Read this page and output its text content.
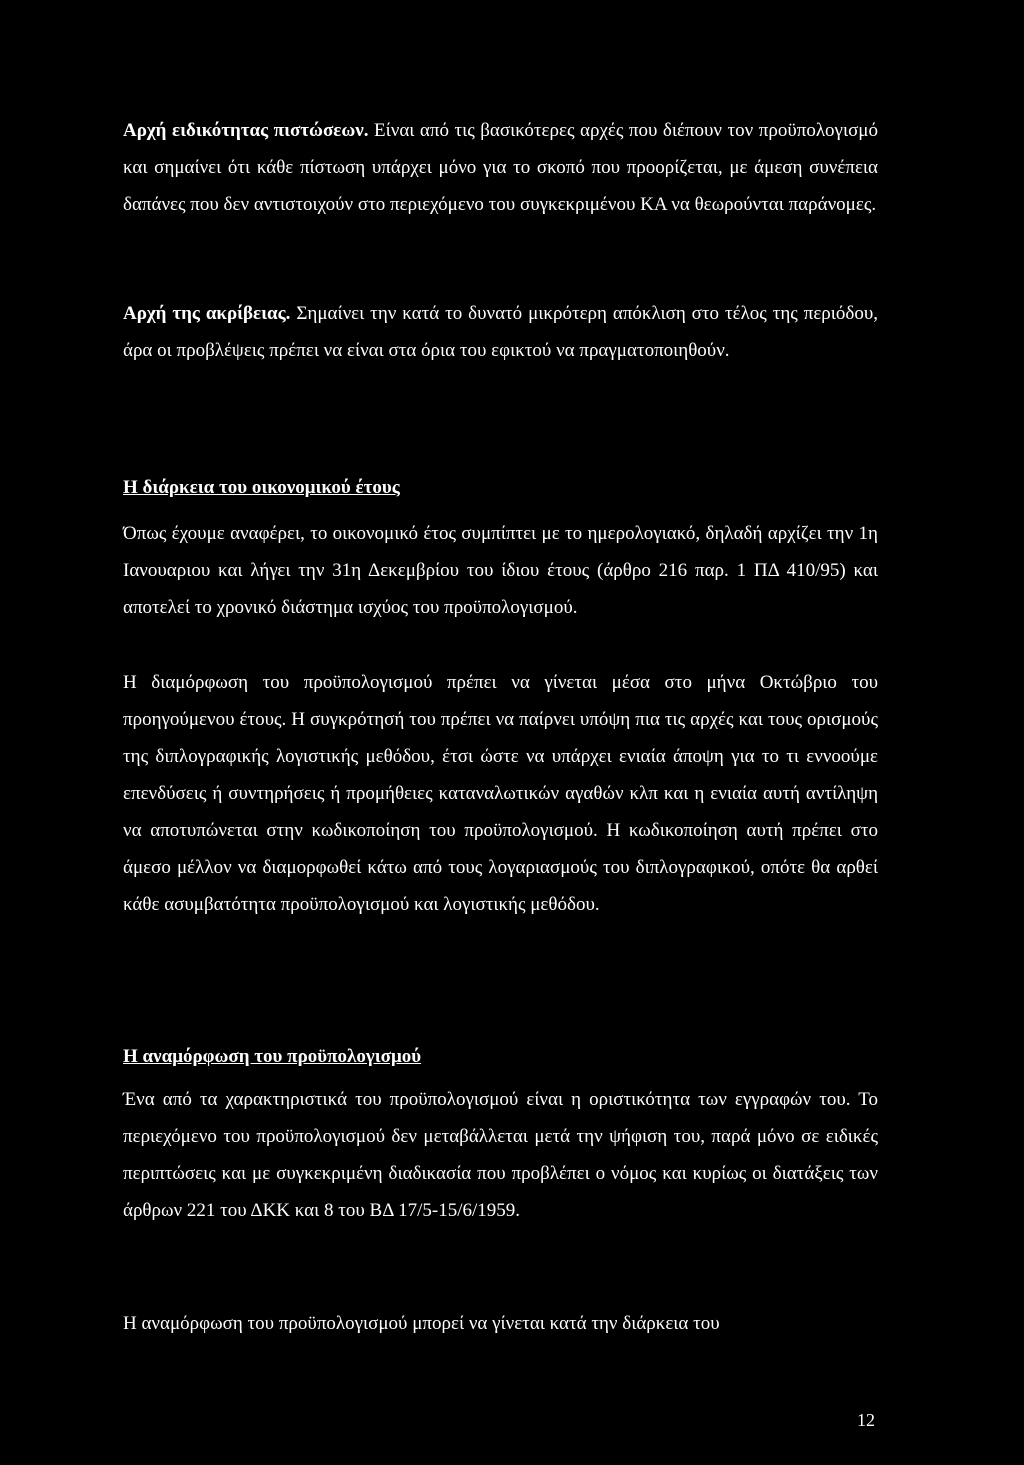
Αρχή ειδικότητας πιστώσεων. Είναι από τις βασικότερες αρχές που διέπουν τον προϋπολογισμό και σημαίνει ότι κάθε πίστωση υπάρχει μόνο για το σκοπό που προορίζεται, με άμεση συνέπεια δαπάνες που δεν αντιστοιχούν στο περιεχόμενο του συγκεκριμένου ΚΑ να θεωρούνται παράνομες.

Αρχή της ακρίβειας. Σημαίνει την κατά το δυνατό μικρότερη απόκλιση στο τέλος της περιόδου, άρα οι προβλέψεις πρέπει να είναι στα όρια του εφικτού να πραγματοποιηθούν.

Η διάρκεια του οικονομικού έτους

Όπως έχουμε αναφέρει, το οικονομικό έτος συμπίπτει με το ημερολογιακό, δηλαδή αρχίζει την 1η Ιανουαριου και λήγει την 31η Δεκεμβρίου του ίδιου έτους (άρθρο 216 παρ. 1 ΠΔ 410/95) και αποτελεί το χρονικό διάστημα ισχύος του προϋπολογισμού.

Η διαμόρφωση του προϋπολογισμού πρέπει να γίνεται μέσα στο μήνα Οκτώβριο του προηγούμενου έτους. Η συγκρότησή του πρέπει να παίρνει υπόψη πια τις αρχές και τους ορισμούς της διπλογραφικής λογιστικής μεθόδου, έτσι ώστε να υπάρχει ενιαία άποψη για το τι εννοούμε επενδύσεις ή συντηρήσεις ή προμήθειες καταναλωτικών αγαθών κλπ και η ενιαία αυτή αντίληψη να αποτυπώνεται στην κωδικοποίηση του προϋπολογισμού. Η κωδικοποίηση αυτή πρέπει στο άμεσο μέλλον να διαμορφωθεί κάτω από τους λογαριασμούς του διπλογραφικού, οπότε θα αρθεί κάθε ασυμβατότητα προϋπολογισμού και λογιστικής μεθόδου.

Η αναμόρφωση του προϋπολογισμού

Ένα από τα χαρακτηριστικά του προϋπολογισμού είναι η οριστικότητα των εγγραφών του. Το περιεχόμενο του προϋπολογισμού δεν μεταβάλλεται μετά την ψήφιση του, παρά μόνο σε ειδικές περιπτώσεις και με συγκεκριμένη διαδικασία που προβλέπει ο νόμος και κυρίως οι διατάξεις των άρθρων 221 του ΔΚΚ και 8 του ΒΔ 17/5-15/6/1959.

Η αναμόρφωση του προϋπολογισμού μπορεί να γίνεται κατά την διάρκεια του

12
